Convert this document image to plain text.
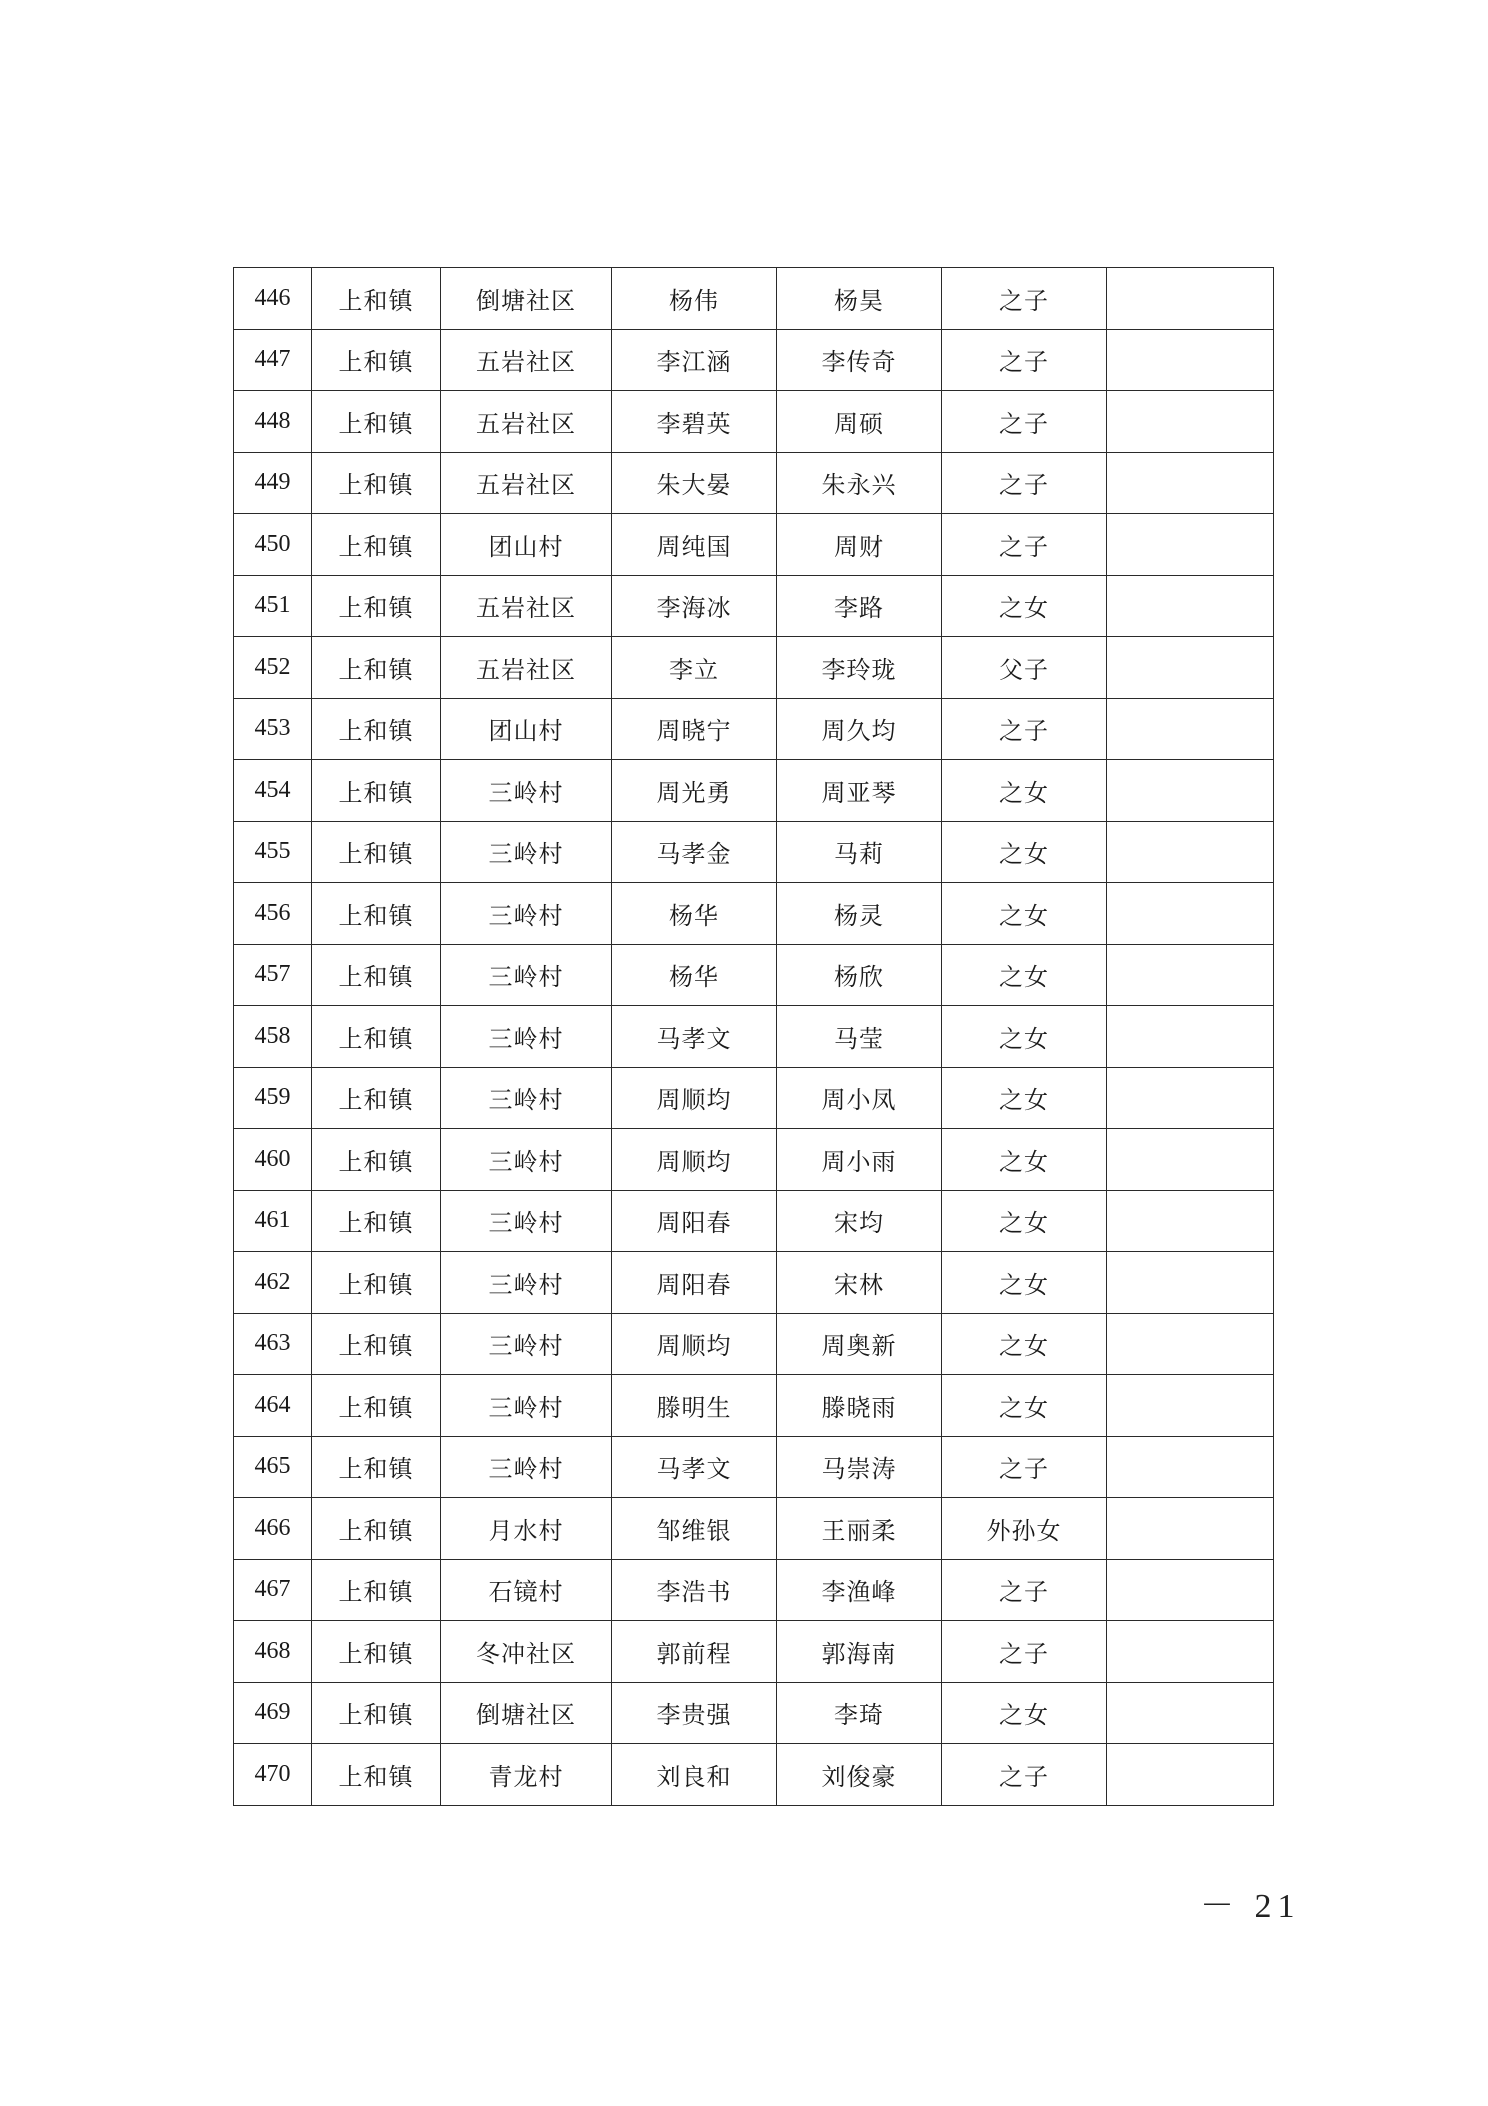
446	上和镇	倒塘社区	杨伟	杨昊	之子	
447	上和镇	五岩社区	李江涵	李传奇	之子	
448	上和镇	五岩社区	李碧英	周硕	之子	
449	上和镇	五岩社区	朱大晏	朱永兴	之子	
450	上和镇	团山村	周纯国	周财	之子	
451	上和镇	五岩社区	李海冰	李路	之女	
452	上和镇	五岩社区	李立	李玲珑	父子	
453	上和镇	团山村	周晓宁	周久均	之子	
454	上和镇	三岭村	周光勇	周亚琴	之女	
455	上和镇	三岭村	马孝金	马莉	之女	
456	上和镇	三岭村	杨华	杨灵	之女	
457	上和镇	三岭村	杨华	杨欣	之女	
458	上和镇	三岭村	马孝文	马莹	之女	
459	上和镇	三岭村	周顺均	周小凤	之女	
460	上和镇	三岭村	周顺均	周小雨	之女	
461	上和镇	三岭村	周阳春	宋均	之女	
462	上和镇	三岭村	周阳春	宋林	之女	
463	上和镇	三岭村	周顺均	周奥新	之女	
464	上和镇	三岭村	滕明生	滕晓雨	之女	
465	上和镇	三岭村	马孝文	马崇涛	之子	
466	上和镇	月水村	邹维银	王丽柔	外孙女	
467	上和镇	石镜村	李浩书	李渔峰	之子	
468	上和镇	冬冲社区	郭前程	郭海南	之子	
469	上和镇	倒塘社区	李贵强	李琦	之女	
470	上和镇	青龙村	刘良和	刘俊豪	之子	
－ 21
